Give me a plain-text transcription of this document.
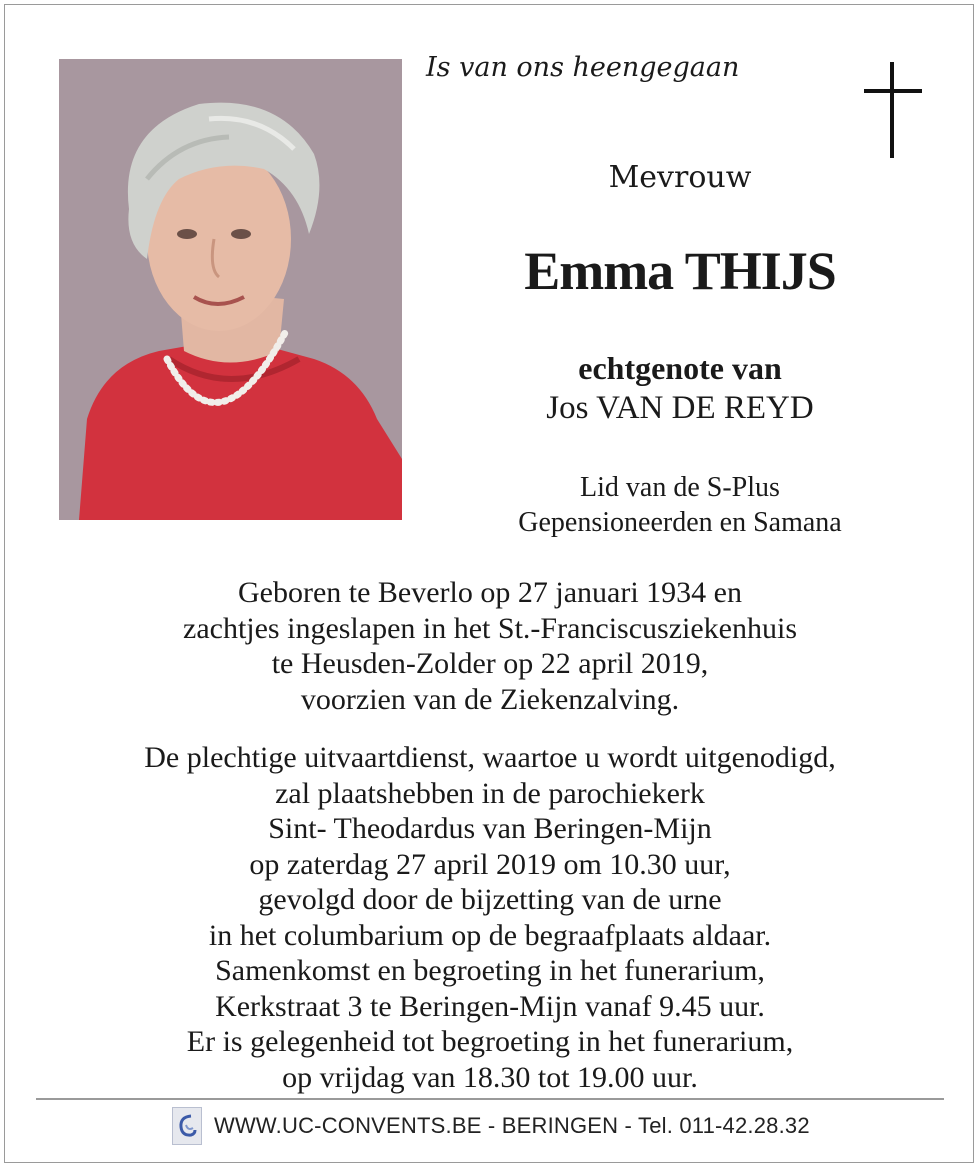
Is van ons heengegaan
Mevrouw
Emma THIJS
echtgenote van
Jos VAN DE REYD
Lid van de S-Plus
Gepensioneerden en Samana
Geboren te Beverlo op 27 januari 1934 en
zachtjes ingeslapen in het St.-Franciscusziekenhuis
te Heusden-Zolder op 22 april 2019,
voorzien van de Ziekenzalving.
De plechtige uitvaartdienst, waartoe u wordt uitgenodigd,
zal plaatshebben in de parochiekerk
Sint- Theodardus van Beringen-Mijn
op zaterdag 27 april 2019 om 10.30 uur,
gevolgd door de bijzetting van de urne
in het columbarium op de begraafplaats aldaar.
Samenkomst en begroeting in het funerarium,
Kerkstraat 3 te Beringen-Mijn vanaf 9.45 uur.
Er is gelegenheid tot begroeting in het funerarium,
op vrijdag van 18.30 tot 19.00 uur.
WWW.UC-CONVENTS.BE - BERINGEN - Tel. 011-42.28.32
